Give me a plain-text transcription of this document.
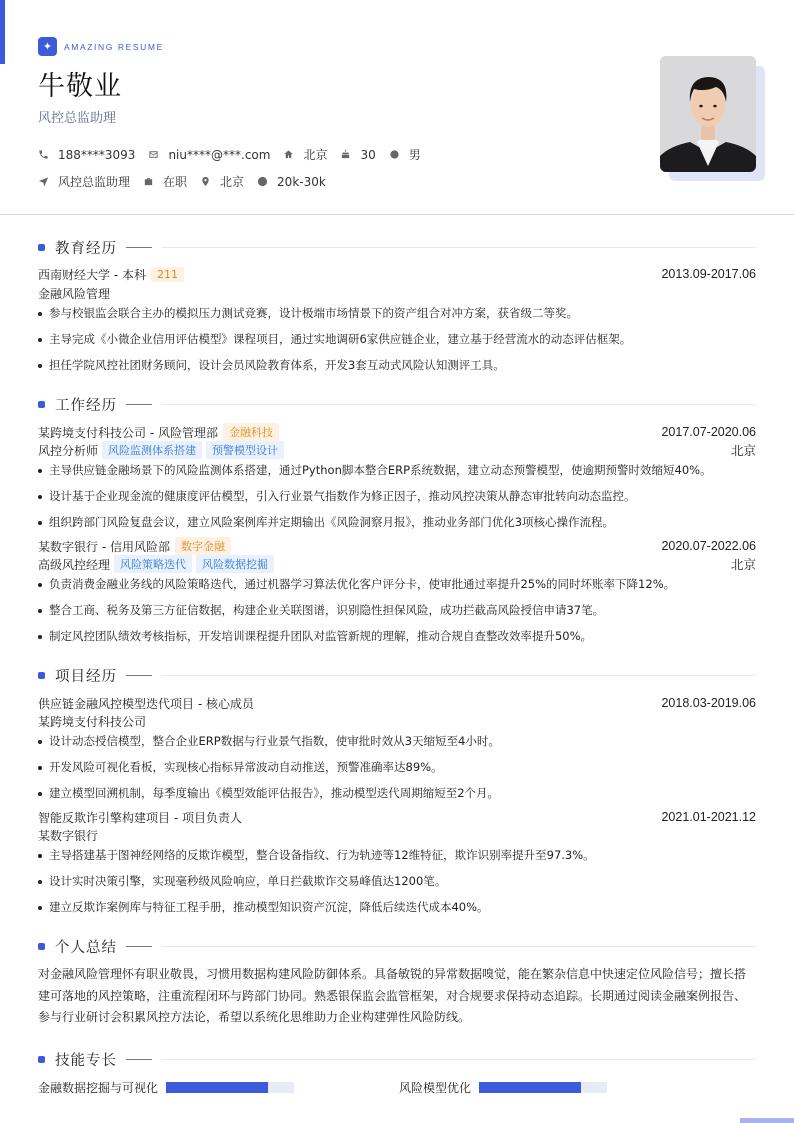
✦	AMAZING RESUME
牛敬业
风控总监助理
188****3093	niu****@***.com	北京	30	男
风控总监助理	在职	北京	20k-30k
教育经历
西南财经大学 - 本科	211	2013.09-2017.06
金融风险管理
参与校银监会联合主办的模拟压力测试竞赛，设计极端市场情景下的资产组合对冲方案，获省级二等奖。
主导完成《小微企业信用评估模型》课程项目，通过实地调研6家供应链企业，建立基于经营流水的动态评估框架。
担任学院风控社团财务顾问，设计会员风险教育体系，开发3套互动式风险认知测评工具。
工作经历
某跨境支付科技公司 - 风险管理部	金融科技	2017.07-2020.06
风控分析师 风险监测体系搭建	预警模型设计	北京
主导供应链金融场景下的风险监测体系搭建，通过Python脚本整合ERP系统数据，建立动态预警模型，使逾期预警时效缩短40%。
设计基于企业现金流的健康度评估模型，引入行业景气指数作为修正因子，推动风控决策从静态审批转向动态监控。
组织跨部门风险复盘会议，建立风险案例库并定期输出《风险洞察月报》，推动业务部门优化3项核心操作流程。
某数字银行 - 信用风险部	数字金融	2020.07-2022.06
高级风控经理 风险策略迭代	风险数据挖掘	北京
负责消费金融业务线的风险策略迭代，通过机器学习算法优化客户评分卡，使审批通过率提升25%的同时坏账率下降12%。
整合工商、税务及第三方征信数据，构建企业关联图谱，识别隐性担保风险，成功拦截高风险授信申请37笔。
制定风控团队绩效考核指标，开发培训课程提升团队对监管新规的理解，推动合规自查整改效率提升50%。
项目经历
供应链金融风控模型迭代项目 - 核心成员	2018.03-2019.06
某跨境支付科技公司
设计动态授信模型，整合企业ERP数据与行业景气指数，使审批时效从3天缩短至4小时。
开发风险可视化看板，实现核心指标异常波动自动推送，预警准确率达89%。
建立模型回溯机制，每季度输出《模型效能评估报告》，推动模型迭代周期缩短至2个月。
智能反欺诈引擎构建项目 - 项目负责人	2021.01-2021.12
某数字银行
主导搭建基于图神经网络的反欺诈模型，整合设备指纹、行为轨迹等12维特征，欺诈识别率提升至97.3%。
设计实时决策引擎，实现毫秒级风险响应，单日拦截欺诈交易峰值达1200笔。
建立反欺诈案例库与特征工程手册，推动模型知识资产沉淀，降低后续迭代成本40%。
个人总结
对金融风险管理怀有职业敬畏，习惯用数据构建风险防御体系。具备敏锐的异常数据嗅觉，能在繁杂信息中快速定位风险信号；擅长搭建可落地的风控策略，注重流程闭环与跨部门协同。熟悉银保监会监管框架，对合规要求保持动态追踪。长期通过阅读金融案例报告、参与行业研讨会积累风控方法论，希望以系统化思维助力企业构建弹性风险防线。
技能专长
金融数据挖掘与可视化	风险模型优化
